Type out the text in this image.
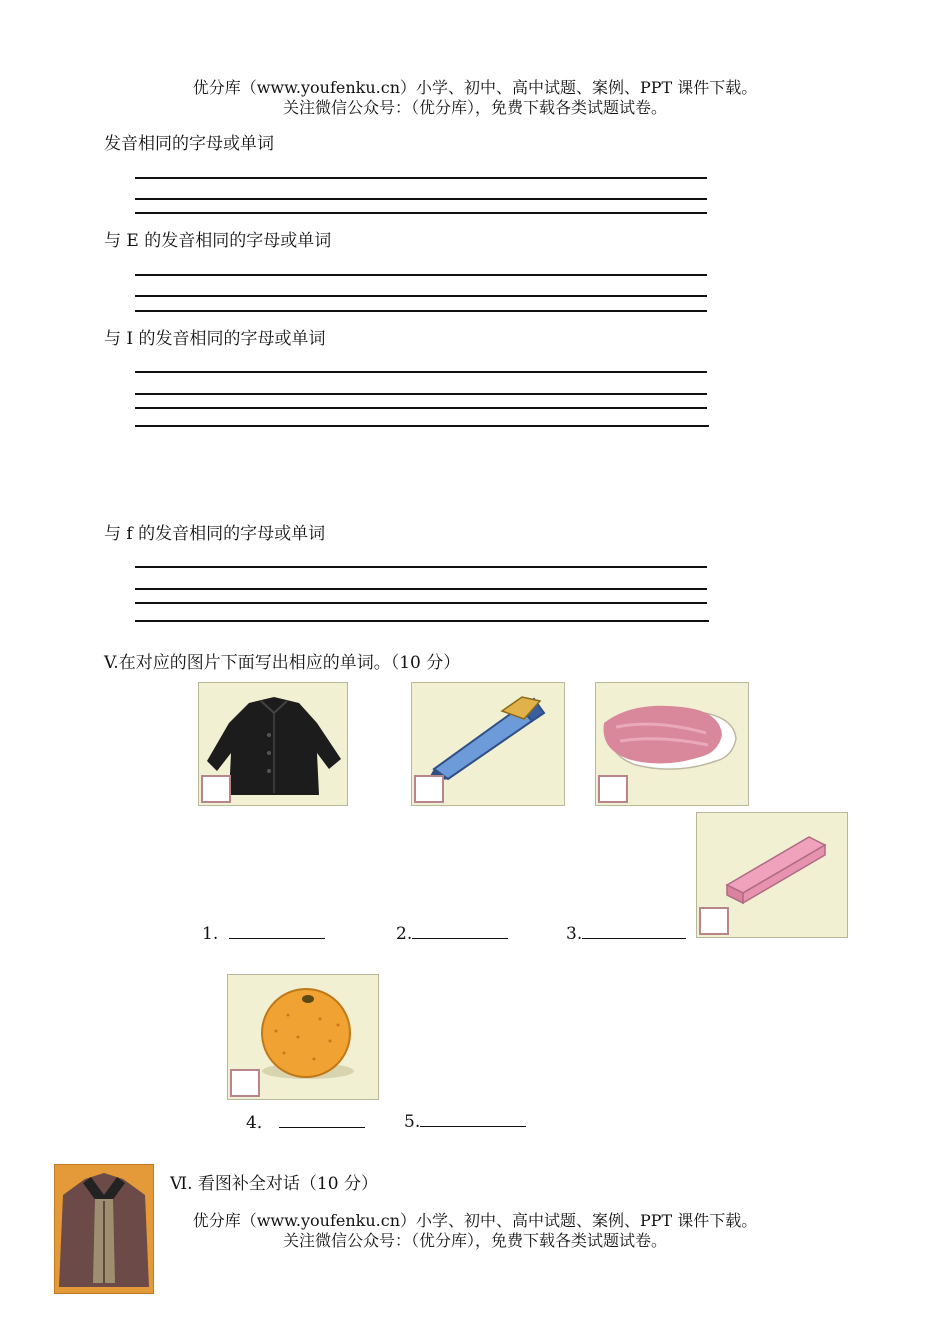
优分库（www.youfenku.cn）小学、初中、高中试题、案例、PPT 课件下载。
关注微信公众号：（优分库），免费下载各类试题试卷。
发音相同的字母或单词
与 E 的发音相同的字母或单词
与 I 的发音相同的字母或单词
与 f 的发音相同的字母或单词
V.在对应的图片下面写出相应的单词。（10 分）
1.	2.	3.
4．	5.
Ⅵ. 看图补全对话（10 分）
优分库（www.youfenku.cn）小学、初中、高中试题、案例、PPT 课件下载。
关注微信公众号：（优分库），免费下载各类试题试卷。
